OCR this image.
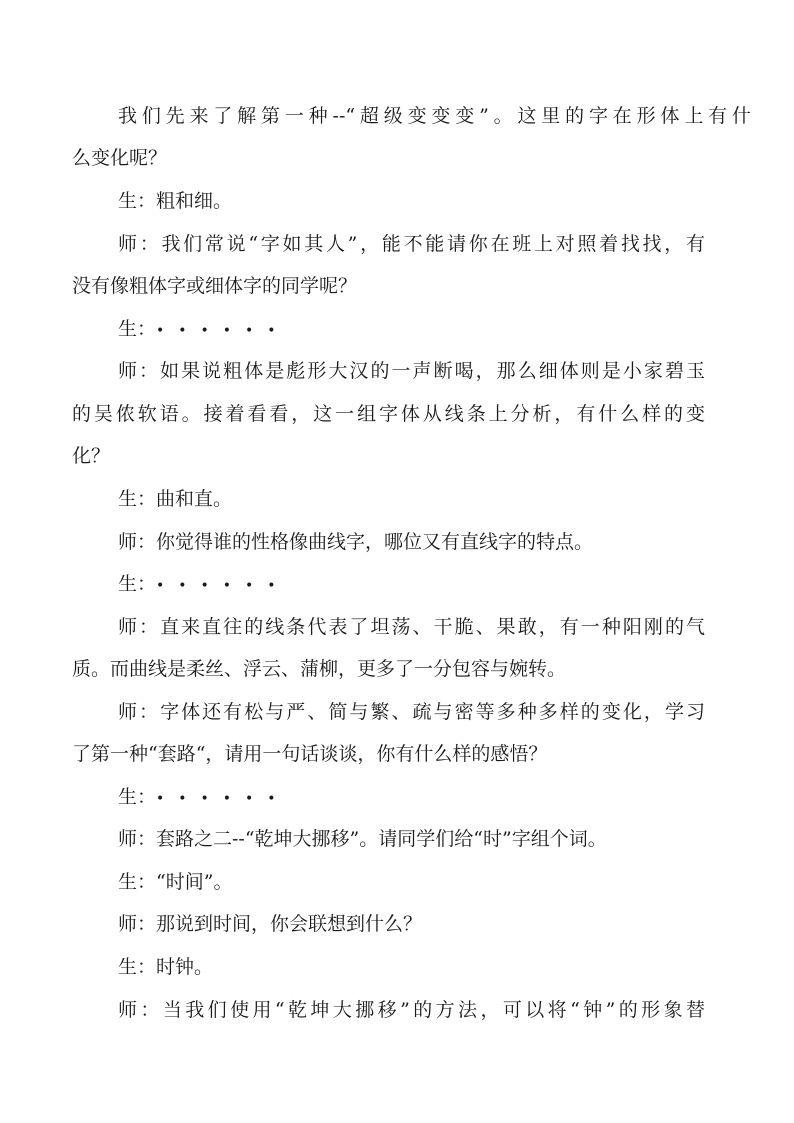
我们先来了解第一种--“超级变变变”。这里的字在形体上有什
么变化呢？
生：粗和细。
师：我们常说“字如其人”，能不能请你在班上对照着找找，有
没有像粗体字或细体字的同学呢？
生：••••••
师：如果说粗体是彪形大汉的一声断喝，那么细体则是小家碧玉
的吴侬软语。接着看看，这一组字体从线条上分析，有什么样的变
化？
生：曲和直。
师：你觉得谁的性格像曲线字，哪位又有直线字的特点。
生：••••••
师：直来直往的线条代表了坦荡、干脆、果敢，有一种阳刚的气
质。而曲线是柔丝、浮云、蒲柳，更多了一分包容与婉转。
师：字体还有松与严、简与繁、疏与密等多种多样的变化，学习
了第一种“套路“，请用一句话谈谈，你有什么样的感悟？
生：••••••
师：套路之二--“乾坤大挪移”。请同学们给“时”字组个词。
生：“时间”。
师：那说到时间，你会联想到什么？
生：时钟。
师：当我们使用“乾坤大挪移”的方法，可以将“钟”的形象替
